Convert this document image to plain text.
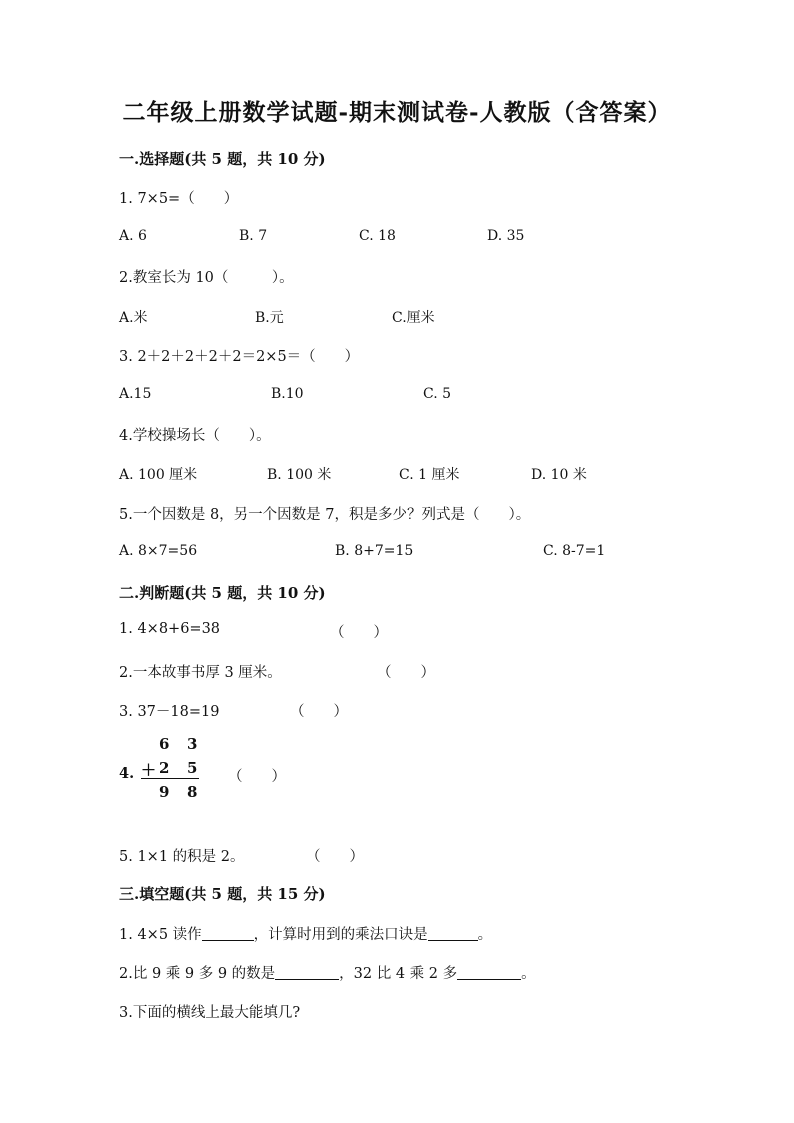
二年级上册数学试题-期末测试卷-人教版（含答案）
一.选择题(共 5 题，共 10 分)
1. 7×5=（　　）
A. 6	B. 7	C. 18	D. 35
2.教室长为 10（　　　）。
A.米	B.元	C.厘米
3. 2＋2＋2＋2＋2＝2×5＝（　　）
A.15	B.10	C. 5
4.学校操场长（　　）。
A. 100 厘米	B. 100 米	C. 1 厘米	D. 10 米
5.一个因数是 8，另一个因数是 7，积是多少？列式是（　　）。
A. 8×7=56	B. 8+7=15	C. 8-7=1
二.判断题(共 5 题，共 10 分)
1. 4×8+6=38	（　　）
2.一本故事书厚 3 厘米。	（　　）
3. 37－18=19	（　　）
4.
6 3
＋ 2 5
9 8
（　　）
5. 1×1 的积是 2。	（　　）
三.填空题(共 5 题，共 15 分)
1. 4×5 读作	，计算时用到的乘法口诀是	。
2.比 9 乘 9 多 9 的数是	，32 比 4 乘 2 多	。
3.下面的横线上最大能填几?
